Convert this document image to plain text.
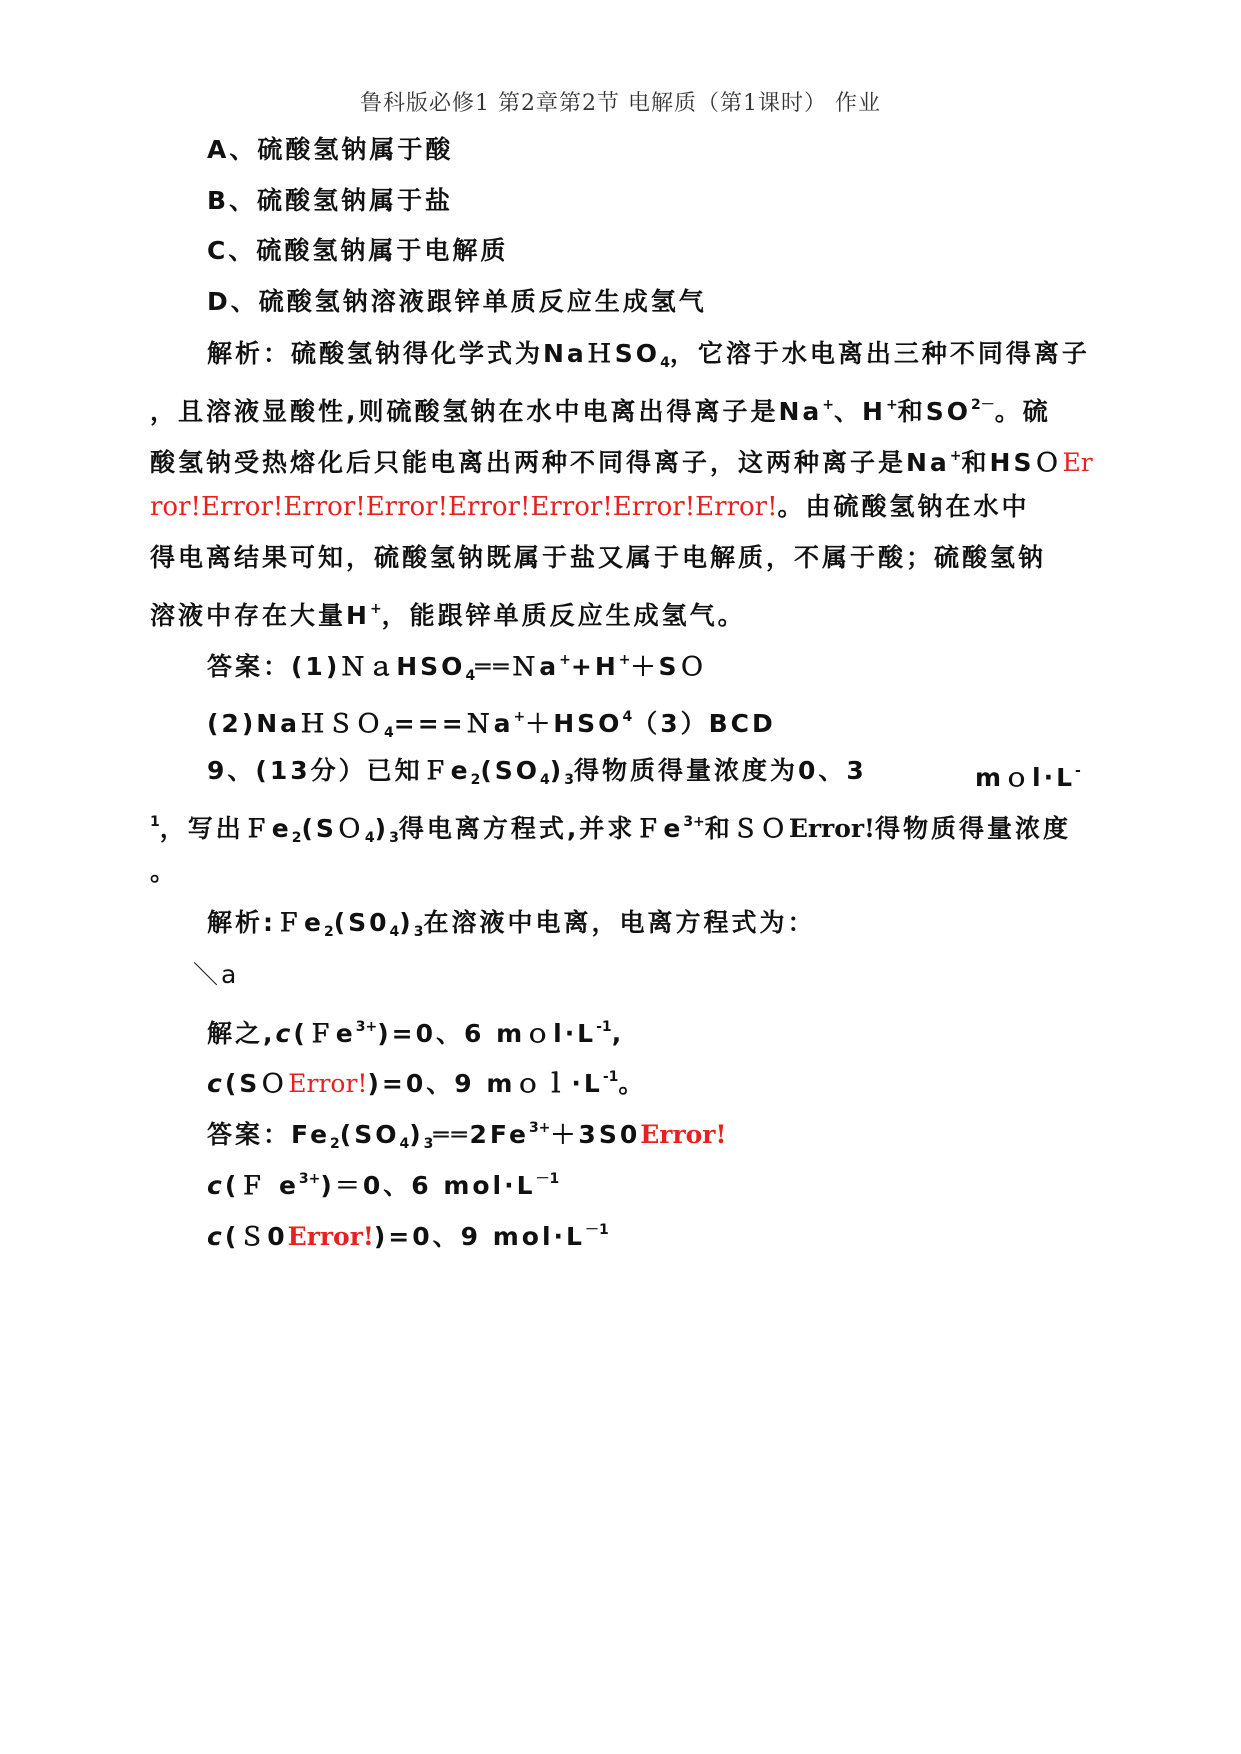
鲁科版必修1 第2章第2节 电解质（第1课时） 作业
A、硫酸氢钠属于酸
B、硫酸氢钠属于盐
C、硫酸氢钠属于电解质
D、硫酸氢钠溶液跟锌单质反应生成氢气
解析：硫酸氢钠得化学式为NaＨSO$_4$，它溶于水电离出三种不同得离子
，且溶液显酸性,则硫酸氢钠在水中电离出得离子是Na+、H+和$SO^{2-}$。硫
酸氢钠受热熔化后只能电离出两种不同得离子，这两种离子是Na+和HSＯEr
ror!Error!Error!Error!Error!Error!Error!Error!。由硫酸氢钠在水中
得电离结果可知，硫酸氢钠既属于盐又属于电解质，不属于酸；硫酸氢钠
溶液中存在大量H+，能跟锌单质反应生成氢气。
答案：(1)ＮａHSO$_4$══Ｎa++H+＋SＯ
$(2)NaHSO_4===Na^++HSO^4(3)BCD$
9、(13分）已知$Fe_2(SO_4)_3$得物质得量浓度为0、3	mｏl·L-
$^1$，写出$Fe_2(SO_4)_3$得电离方程式,并求Ｆe$^{3+}$和ＳＯError!得物质得量浓度
。
解析$:Fe_2(S0_4)_3$在溶液中电离，电离方程式为：
＼a
解之,c(Ｆe$^{3+}$)=0、6 $mol\cdot L^{-1}$,
c(SＯError!)=0、9 $mol\cdot L^{-1}$。
答案：$Fe_2(SO_4)_3══2Fe^{3+}+3S0Error$!
c(Ｆ $e^{3+})=0$、6 $mol\cdot L^{-1}$
c(Ｓ0Error!)=0、9 $mol\cdot L^{-1}$
